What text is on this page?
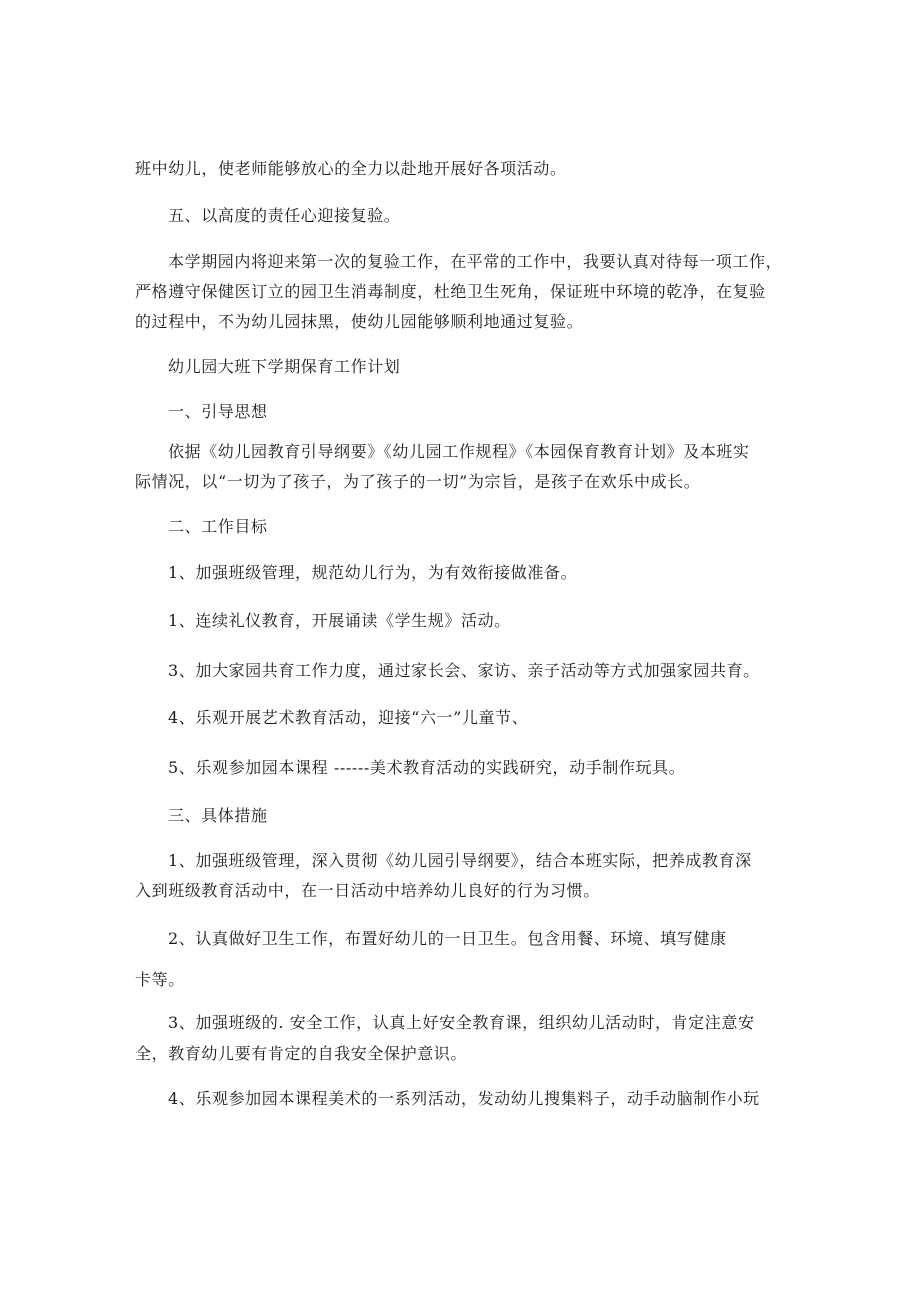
班中幼儿，使老师能够放心的全力以赴地开展好各项活动。
五、以高度的责任心迎接复验。
本学期园内将迎来第一次的复验工作，在平常的工作中，我要认真对待每一项工作，
严格遵守保健医订立的园卫生消毒制度，杜绝卫生死角，保证班中环境的乾净，在复验
的过程中，不为幼儿园抹黑，使幼儿园能够顺利地通过复验。
幼儿园大班下学期保育工作计划
一、引导思想
依据《幼儿园教育引导纲要》《幼儿园工作规程》《本园保育教育计划》及本班实
际情况，以“一切为了孩子，为了孩子的一切”为宗旨，是孩子在欢乐中成长。
二、工作目标
1、加强班级管理，规范幼儿行为，为有效衔接做准备。
1、连续礼仪教育，开展诵读《学生规》活动。
3、加大家园共育工作力度，通过家长会、家访、亲子活动等方式加强家园共育。
4、乐观开展艺术教育活动，迎接“六一”儿童节、
5、乐观参加园本课程 ------美术教育活动的实践研究，动手制作玩具。
三、具体措施
1、加强班级管理，深入贯彻《幼儿园引导纲要》，结合本班实际，把养成教育深
入到班级教育活动中，在一日活动中培养幼儿良好的行为习惯。
2、认真做好卫生工作，布置好幼儿的一日卫生。包含用餐、环境、填写健康
卡等。
3、加强班级的. 安全工作，认真上好安全教育课，组织幼儿活动时，肯定注意安
全，教育幼儿要有肯定的自我安全保护意识。
4、乐观参加园本课程美术的一系列活动，发动幼儿搜集料子，动手动脑制作小玩
